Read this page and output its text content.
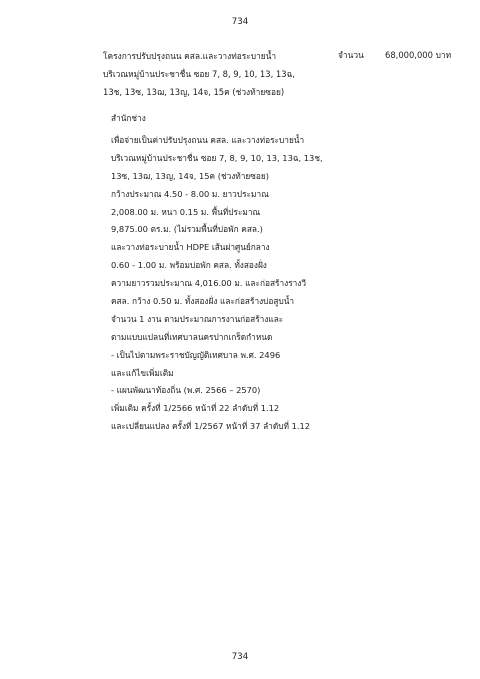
734
โครงการปรับปรุงถนน คสล.และวางท่อระบายน้ำ
บริเวณหมู่บ้านประชาชื่น ซอย 7, 8, 9, 10, 13, 13ฉ,
13ช, 13ซ, 13ฌ, 13ญ, 14จ, 15ค (ช่วงท้ายซอย)
จำนวน	68,000,000 บาท
สำนักช่าง
เพื่อจ่ายเป็นค่าปรับปรุงถนน คสล. และวางท่อระบายน้ำ
บริเวณหมู่บ้านประชาชื่น ซอย 7, 8, 9, 10, 13, 13ฉ, 13ช,
13ซ, 13ฌ, 13ญ, 14จ, 15ค (ช่วงท้ายซอย)
กว้างประมาณ 4.50 - 8.00 ม. ยาวประมาณ
2,008.00 ม. หนา 0.15 ม. พื้นที่ประมาณ
9,875.00 ตร.ม. (ไม่รวมพื้นที่บ่อพัก คสล.)
และวางท่อระบายน้ำ HDPE เส้นผ่าศูนย์กลาง
0.60 - 1.00 ม. พร้อมบ่อพัก คสล. ทั้งสองฝั่ง
ความยาวรวมประมาณ 4,016.00 ม. และก่อสร้างรางวี
คสล. กว้าง 0.50 ม. ทั้งสองฝั่ง และก่อสร้างบ่อสูบน้ำ
จำนวน 1 งาน ตามประมาณการงานก่อสร้างและ
ตามแบบแปลนที่เทศบาลนครปากเกร็ดกำหนด
- เป็นไปตามพระราชบัญญัติเทศบาล พ.ศ. 2496
และแก้ไขเพิ่มเติม
- แผนพัฒนาท้องถิ่น (พ.ศ. 2566 – 2570)
เพิ่มเติม ครั้งที่ 1/2566 หน้าที่ 22 ลำดับที่ 1.12
และเปลี่ยนแปลง ครั้งที่ 1/2567 หน้าที่ 37 ลำดับที่ 1.12
734
